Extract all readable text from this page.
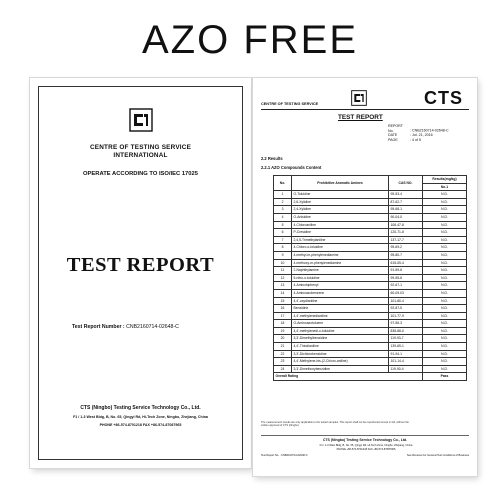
AZO FREE
CENTRE OF TESTING SERVICE
INTERNATIONAL
OPERATE ACCORDING TO ISO/IEC 17025
TEST REPORT
Test Report Number : CNB2160714-02648-C
CTS (Ningbo) Testing Service Technology Co., Ltd.
F1 / 1-3 West Bldg, B, No. 65, Qingyi Rd, Hi-Tech Zone, Ningbo, Zhejiang, China
PHONE +86-574-8701218 FAX +86-574-87087965
CENTRE OF TESTING SERVICE	CTS
TEST REPORT
REPORT No.	: CNB2160714-02648-C
DATE	: Jul. 21, 2016
PAGE	: 4 of 5
2.2 Results
2.2.1 AZO Compounds Content
No.	Prohibitive Aromatic Amines	CAS NO.	Results(mg/kg)
			No.1
1	O-Toluidine	95-53-4	N.D.
2	2,6-Xylidine	87-62-7	N.D.
3	2,4-Xylidine	95-68-1	N.D.
4	O-Anisidine	90-04-0	N.D.
5	4-Chloroaniline	106-47-8	N.D.
6	P-Cresidine	120-71-8	N.D.
7	2,4,5-Trimethylaniline	137-17-7	N.D.
8	4-Chloro-o-toluidine	95-69-2	N.D.
9	4-methyl-m-phenylenediamine	95-80-7	N.D.
10	4-methoxy-m-phenylenediamine	615-05-4	N.D.
11	2-Naphthylamine	91-59-8	N.D.
12	5-nitro-o-toluidine	99-55-8	N.D.
13	4-Aminobiphenyl	92-67-1	N.D.
14	4-Aminoazobenzene	60-09-03	N.D.
15	4,4'-oxydianiline	101-80-4	N.D.
16	Benzidine	92-87-5	N.D.
17	4,4'-methylenedianiline	101-77-9	N.D.
18	O-Aminoazotoluene	97-56-3	N.D.
19	4,4'-methylenedi-o-toluidine	838-88-0	N.D.
20	3,3'-Dimethylbenzidine	119-93-7	N.D.
21	4,4'-Thiodianiline	139-65-1	N.D.
22	3,3'-Dichlorobenzidine	91-94-1	N.D.
23	4,4'-Methylene-bis-(2-Chloro-aniline)	101-14-4	N.D.
24	3,3'-Dimethoxybenzidine	119-90-4	N.D.
Overall Rating			Pass
The measurement results are only applicable to the tested samples. This report shall not be reproduced except in full, without the written approval of CTS (Ningbo).
CTS (Ningbo) Testing Service Technology Co., Ltd.
F1 / 1-3 West Bldg, B, No. 65, Qingyi Rd, Hi-Tech Zone, Ningbo, Zhejiang, China
PHONE +86-574-8701218 FAX +86-574-87087965
Test Report No. : CNB2160714-02648-C	See Reverse For General Test Conditions of Business
